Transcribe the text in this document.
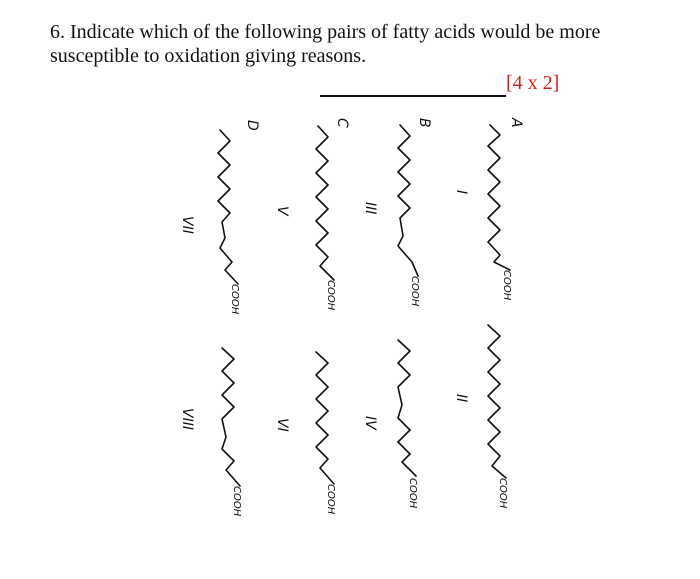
6. Indicate which of the following pairs of fatty acids would be more susceptible to oxidation giving reasons.

[4 x 2]
A
B
C
D
I
II
III
IV
V
VI
VII
VIII
COOH
COOH
COOH
COOH
COOH
COOH
COOH
COOH
